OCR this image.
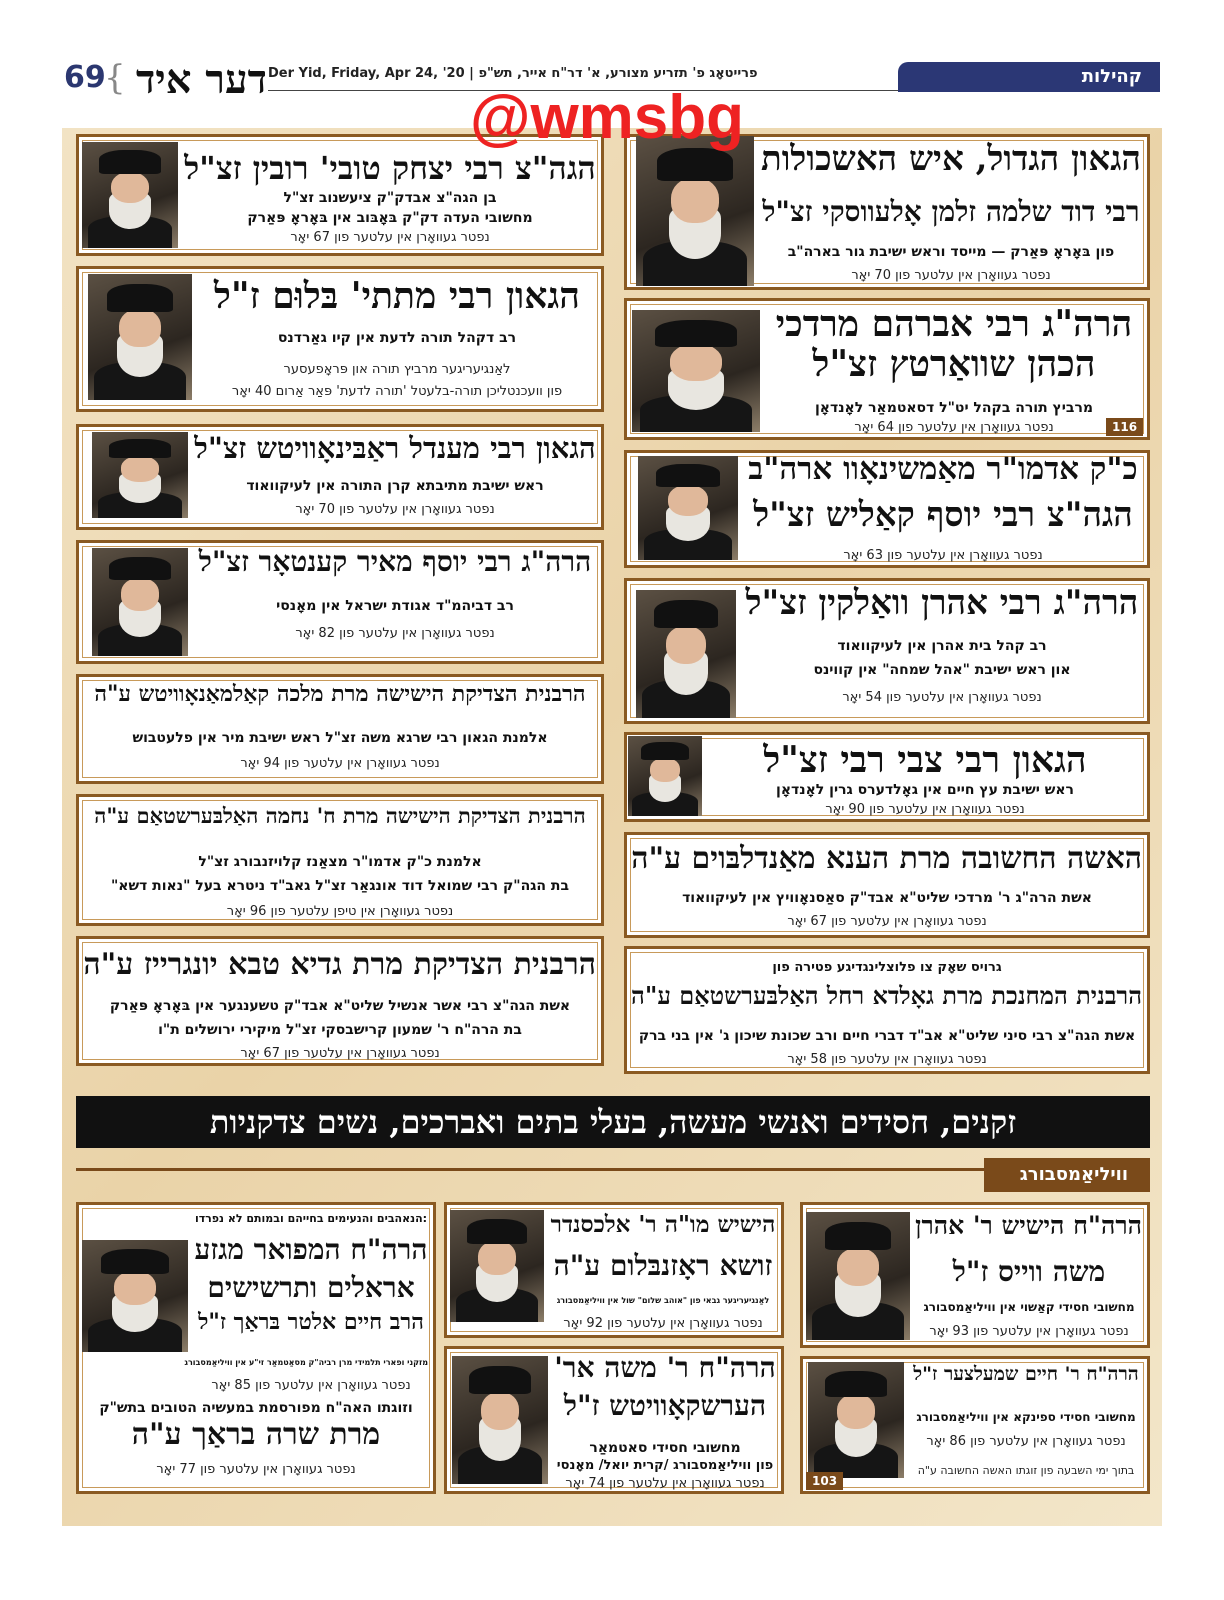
69
{ דער איד Der Yid, Friday, Apr 24, '20 | פרייטאָג פ' תזריע מצורע, א' דר"ח אייר, תש"פ	קהילות
הגה"צ רבי יצחק טובי' רובין זצ"ל
בן הגה"צ אבדק"ק ציעשנוב זצ"ל
מחשובי העדה דק"ק בּאָבּוב אין בּאָראָ פּאַרק
נפטר געוואָרן אין עלטער פון 67 יאָר
הגאון הגדול, איש האשכולות
רבי דוד שלמה זלמן אָלעווסקי זצ"ל
פון בּאָראָ פּאַרק — מייסד וראש ישיבת גור בארה"ב
נפטר געוואָרן אין עלטער פון 70 יאָר
הגאון רבי מתתי' בּלוּם ז"ל
רב דקהל תורה לדעת אין קיו גאַרדנס
לאַנגיעריגער מרביץ תורה און פּראָפעסער
פון וועכנטליכן תורה-בלעטל 'תורה לדעת' פּאַר אַרום 40 יאָר
הרה"ג רבי אברהם מרדכי
הכהן שוואַרטץ זצ"ל
מרביץ תורה בקהל יט"ל דסאטמאַר לאָנדאָן
נפטר געוואָרן אין עלטער פון 64 יאָר	116
הגאון רבי מענדל ראַבּינאָוויטש זצ"ל
ראש ישיבת מתיבתא קרן התורה אין לעיקוואוד
נפטר געוואָרן אין עלטער פון 70 יאָר
כ"ק אדמו"ר מאַמשינאָוו ארה"ב
הגה"צ רבי יוסף קאַליש זצ"ל
נפטר געוואָרן אין עלטער פון 63 יאָר
הרה"ג רבי יוסף מאיר קענטאָר זצ"ל
רב דביהמ"ד אגודת ישראל אין מאָנסי
נפטר געוואָרן אין עלטער פון 82 יאָר
הרה"ג רבי אהרן וואַלקין זצ"ל
רב קהל בית אהרן אין לעיקוואוד
און ראש ישיבת "אהל שמחה" אין קווינס
נפטר געוואָרן אין עלטער פון 54 יאָר
הרבנית הצדיקת הישישה מרת מלכה קאַלמאַנאָוויטש ע"ה
אלמנת הגאון רבי שרגא משה זצ"ל ראש ישיבת מיר אין פלעטבוש
נפטר געוואָרן אין עלטער פון 94 יאָר	הגאון רבי צבי רבי זצ"ל
ראש ישיבת עץ חיים אין גאָלדערס גרין לאָנדאָן
נפטר געוואָרן אין עלטער פון 90 יאָר
הרבנית הצדיקת הישישה מרת ח' נחמה האַלבּערשטאַם ע"ה
אלמנת כ"ק אדמו"ר מצאַנז קלויזנבורג זצ"ל
בת הגה"ק רבי שמואל דוד אונגאַר זצ"ל גאב"ד ניטרא בעל "נאות דשא"
נפטר געוואָרן אין טיפן עלטער פון 96 יאָר
האשה החשובה מרת הענא מאַנדלבּוים ע"ה
אשת הרה"ג ר' מרדכי שליט"א אבד"ק סאַסנאָוויץ אין לעיקוואוד
נפטר געוואָרן אין עלטער פון 67 יאָר
הרבנית הצדיקת מרת גדיא טבא יונגרייז ע"ה
אשת הגה"צ רבי אשר אנשיל שליט"א אבד"ק טשענגער אין בּאָראָ פּאַרק
בת הרה"ח ר' שמעון קרישבסקי זצ"ל מיקירי ירושלים ת"ו
נפטר געוואָרן אין עלטער פון 67 יאָר
גרויס שאָק צו פלוצלינגדיגע פטירה פון
הרבנית המחנכת מרת גאָלדא רחל האַלבּערשטאַם ע"ה
אשת הגה"צ רבי סיני שליט"א אב"ד דברי חיים ורב שכונת שיכון ג' אין בני ברק
נפטר געוואָרן אין עלטער פון 58 יאָר
הנאהבים והנעימים בחייהם ובמותם לא נפרדו:
הרה"ח המפואר מגזע
אראלים ותרשישים
הרב חיים אלטר בּראַך ז"ל
מזקני ופארי תלמידי מרן רביה"ק מסאַטמאַר זי"ע אין וויליאַמסבורג
נפטר געוואָרן אין עלטער פון 85 יאָר
וזוגתו האה"ח מפורסמת במעשיה הטובים בתש"ק
מרת שרה בראַך ע"ה
נפטר געוואָרן אין עלטער פון 77 יאָר
הישיש מו"ה ר' אלכסנדר
זושא ראָזנבּלום ע"ה
לאַנגיעריגער גבאי פון "אוהב שלום" שול אין וויליאַמסבורג
נפטר געוואָרן אין עלטער פון 92 יאָר
הרה"ח הישיש ר' אהרן
משה ווייס ז"ל
מחשובי חסידי קאַשוי אין וויליאַמסבורג
נפטר געוואָרן אין עלטער פון 93 יאָר
הרה"ח ר' משה אר'
הערשקאָוויטש ז"ל
מחשובי חסידי סאטמאַר
פון וויליאַמסבורג /קרית יואל/ מאָנסי
נפטר געוואָרן אין עלטער פון 74 יאָר
הרה"ח ר' חיים שמעלצער ז"ל
מחשובי חסידי ספינקא אין וויליאַמסבורג
נפטר געוואָרן אין עלטער פון 86 יאָר
בתוך ימי השבעה פון זוגתו האשה החשובה ע"ה
103
זקנים, חסידים ואנשי מעשה, בעלי בתים ואברכים, נשים צדקניות
וויליאַמסבורג
@wmsbg
